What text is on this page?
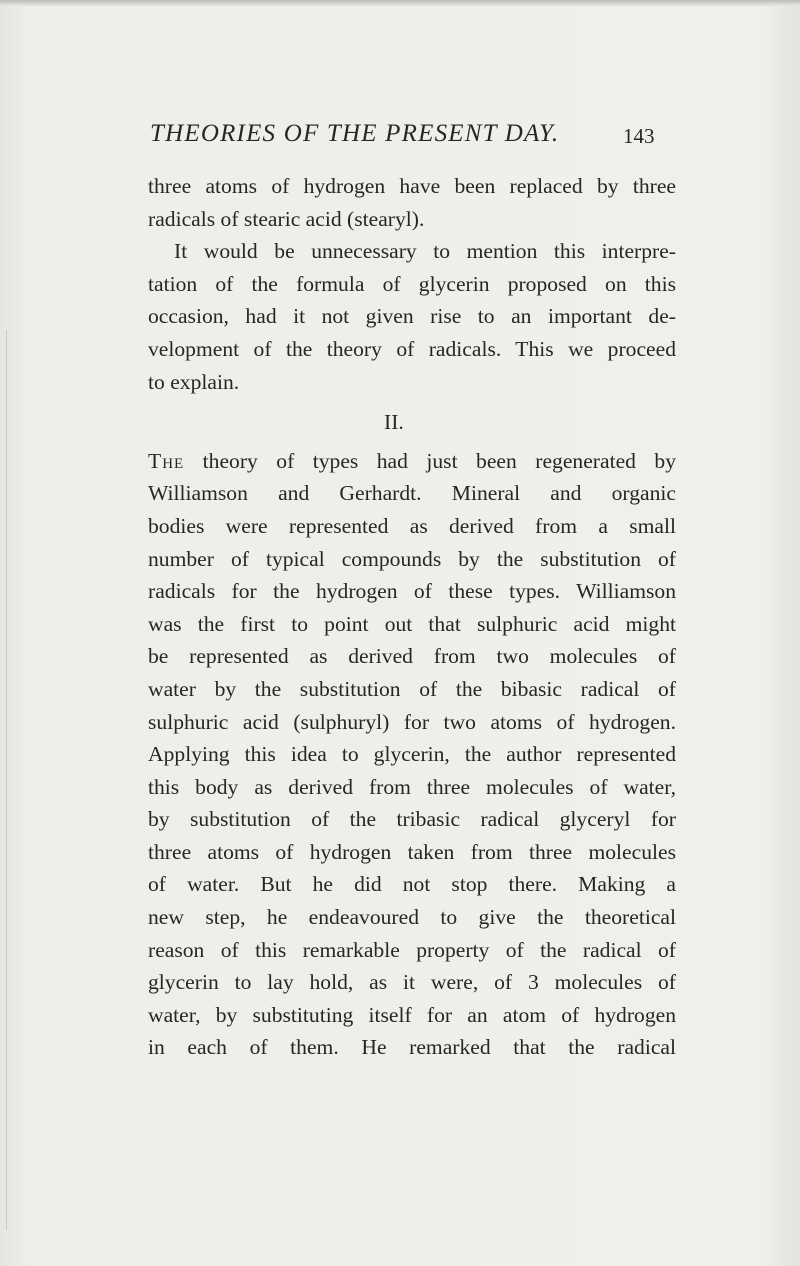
THEORIES OF THE PRESENT DAY.	143
three atoms of hydrogen have been replaced by three
radicals of stearic acid (stearyl).
It would be unnecessary to mention this interpre-
tation of the formula of glycerin proposed on this
occasion, had it not given rise to an important de-
velopment of the theory of radicals. This we proceed
to explain.
II.
The theory of types had just been regenerated by
Williamson and Gerhardt. Mineral and organic
bodies were represented as derived from a small
number of typical compounds by the substitution of
radicals for the hydrogen of these types. Williamson
was the first to point out that sulphuric acid might
be represented as derived from two molecules of
water by the substitution of the bibasic radical of
sulphuric acid (sulphuryl) for two atoms of hydrogen.
Applying this idea to glycerin, the author represented
this body as derived from three molecules of water,
by substitution of the tribasic radical glyceryl for
three atoms of hydrogen taken from three molecules
of water. But he did not stop there. Making a
new step, he endeavoured to give the theoretical
reason of this remarkable property of the radical of
glycerin to lay hold, as it were, of 3 molecules of
water, by substituting itself for an atom of hydrogen
in each of them. He remarked that the radical
